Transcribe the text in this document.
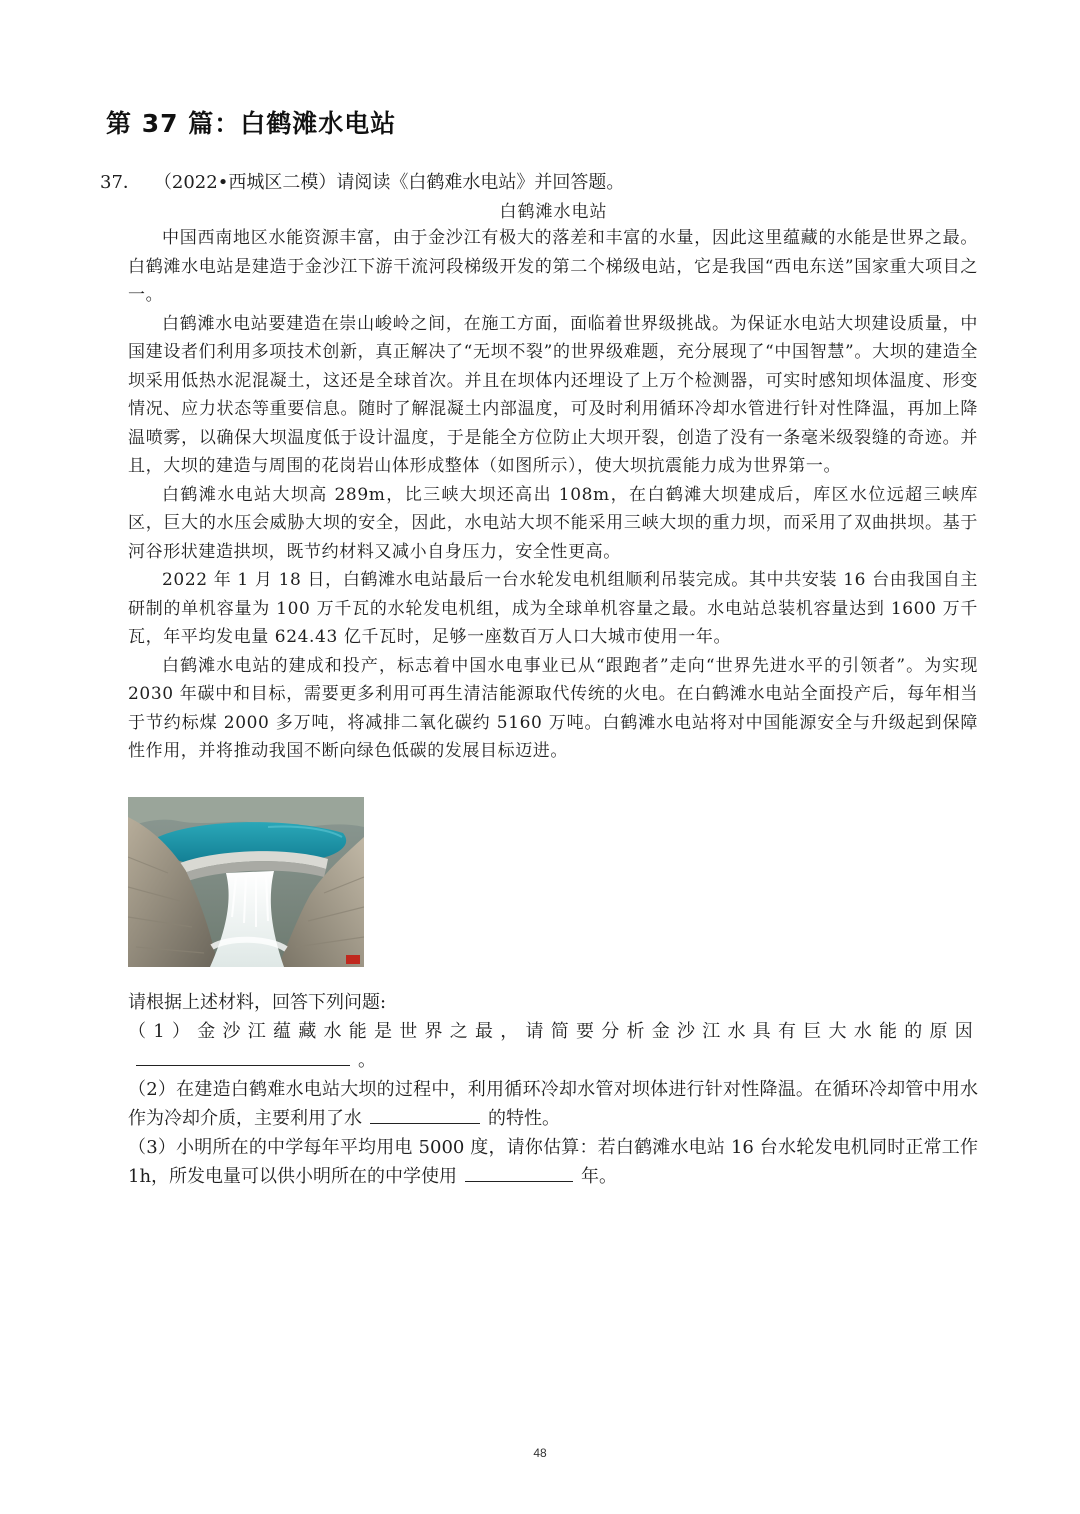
第 37 篇：白鹤滩水电站
37． （2022•西城区二模）请阅读《白鹤难水电站》并回答题。
白鹤滩水电站

中国西南地区水能资源丰富，由于金沙江有极大的落差和丰富的水量，因此这里蕴藏的水能是世界之最。白鹤滩水电站是建造于金沙江下游干流河段梯级开发的第二个梯级电站，它是我国“西电东送”国家重大项目之一。

白鹤滩水电站要建造在崇山峻岭之间，在施工方面，面临着世界级挑战。为保证水电站大坝建设质量，中国建设者们利用多项技术创新，真正解决了“无坝不裂”的世界级难题，充分展现了“中国智慧”。大坝的建造全坝采用低热水泥混凝土，这还是全球首次。并且在坝体内还埋设了上万个检测器，可实时感知坝体温度、形变情况、应力状态等重要信息。随时了解混凝土内部温度，可及时利用循环冷却水管进行针对性降温，再加上降温喷雾，以确保大坝温度低于设计温度，于是能全方位防止大坝开裂，创造了没有一条毫米级裂缝的奇迹。并且，大坝的建造与周围的花岗岩山体形成整体（如图所示），使大坝抗震能力成为世界第一。

白鹤滩水电站大坝高 289m，比三峡大坝还高出 108m，在白鹤滩大坝建成后，库区水位远超三峡库区，巨大的水压会威胁大坝的安全，因此，水电站大坝不能采用三峡大坝的重力坝，而采用了双曲拱坝。基于河谷形状建造拱坝，既节约材料又减小自身压力，安全性更高。

2022 年 1 月 18 日，白鹤滩水电站最后一台水轮发电机组顺利吊装完成。其中共安装 16 台由我国自主研制的单机容量为 100 万千瓦的水轮发电机组，成为全球单机容量之最。水电站总装机容量达到 1600 万千瓦，年平均发电量 624.43 亿千瓦时，足够一座数百万人口大城市使用一年。

白鹤滩水电站的建成和投产，标志着中国水电事业已从“跟跑者”走向“世界先进水平的引领者”。为实现 2030 年碳中和目标，需要更多利用可再生清洁能源取代传统的火电。在白鹤滩水电站全面投产后，每年相当于节约标煤 2000 多万吨，将减排二氧化碳约 5160 万吨。白鹤滩水电站将对中国能源安全与升级起到保障性作用，并将推动我国不断向绿色低碳的发展目标迈进。

请根据上述材料，回答下列问题:

（1）金沙江蕴藏水能是世界之最，请简要分析金沙江水具有巨大水能的原因。

（2）在建造白鹤难水电站大坝的过程中，利用循环冷却水管对坝体进行针对性降温。在循环冷却管中用水作为冷却介质，主要利用了水	的特性。

（3）小明所在的中学每年平均用电 5000 度，请你估算：若白鹤滩水电站 16 台水轮发电机同时正常工作 1h，所发电量可以供小明所在的中学使用	年。

48
